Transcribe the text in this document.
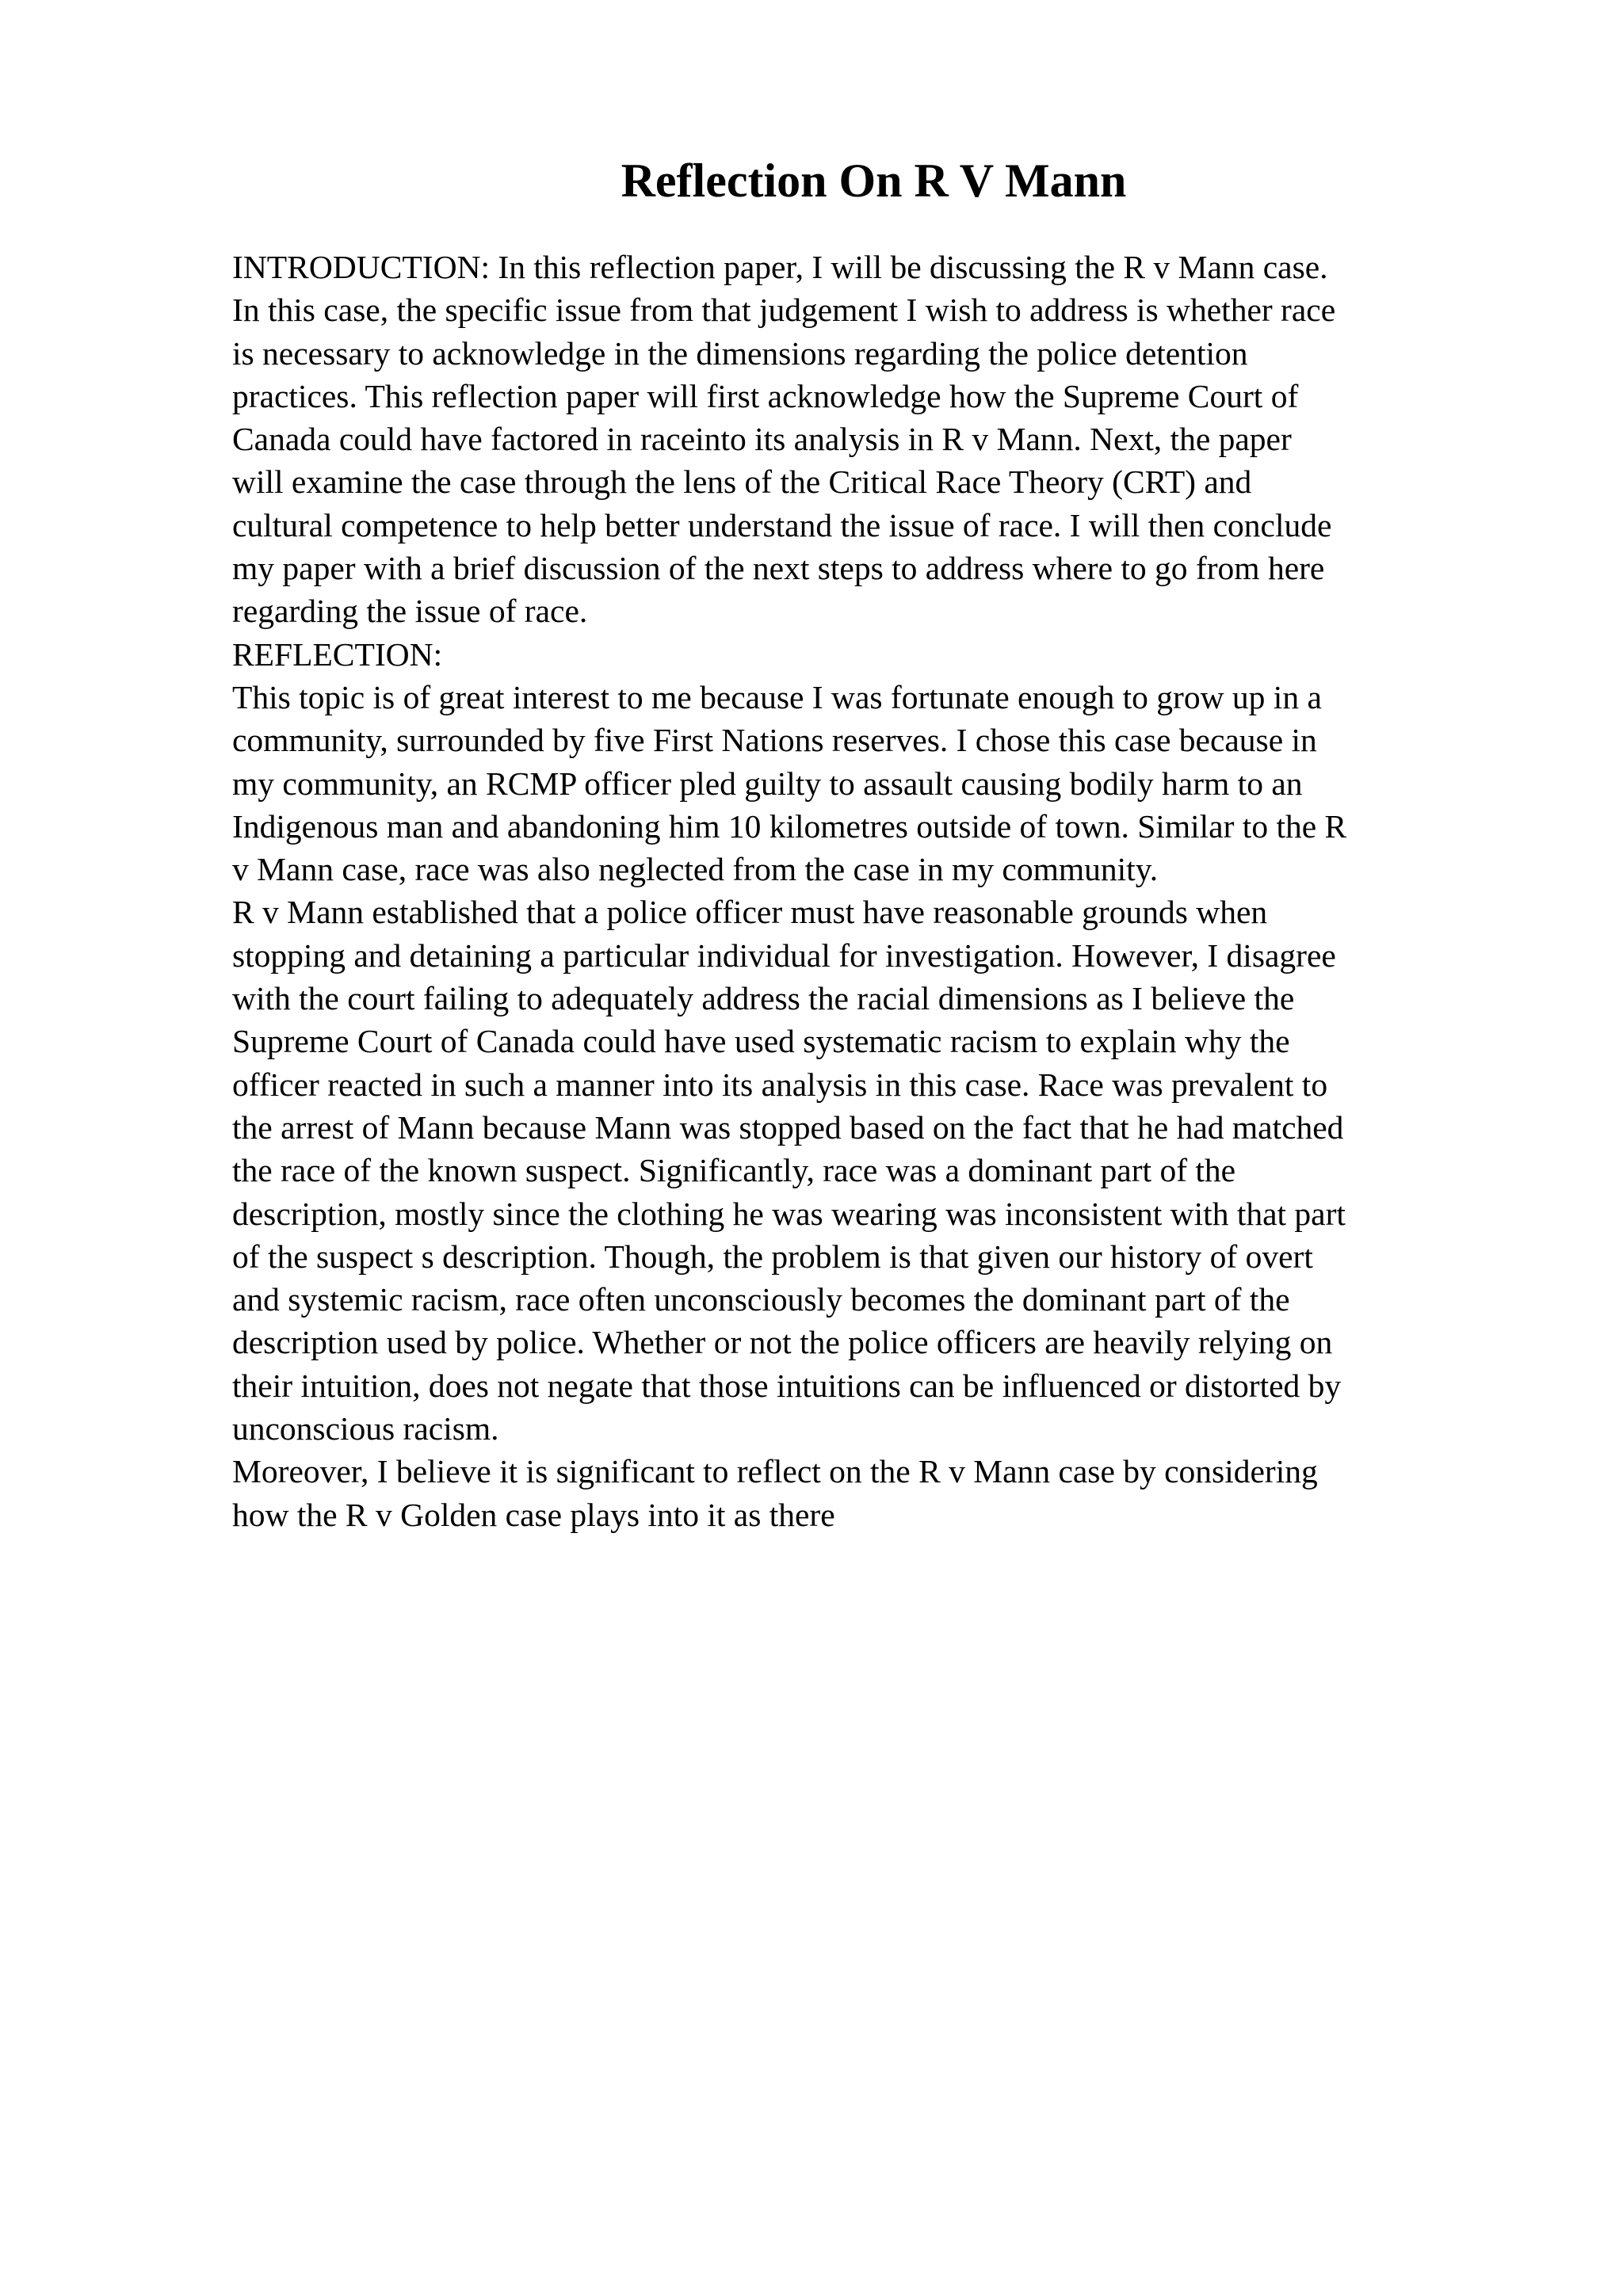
Reflection On R V Mann
INTRODUCTION: In this reflection paper, I will be discussing the R v Mann case.
In this case, the specific issue from that judgement I wish to address is whether race
is necessary to acknowledge in the dimensions regarding the police detention
practices. This reflection paper will first acknowledge how the Supreme Court of
Canada could have factored in raceinto its analysis in R v Mann. Next, the paper
will examine the case through the lens of the Critical Race Theory (CRT) and
cultural competence to help better understand the issue of race. I will then conclude
my paper with a brief discussion of the next steps to address where to go from here
regarding the issue of race.
REFLECTION:
This topic is of great interest to me because I was fortunate enough to grow up in a
community, surrounded by five First Nations reserves. I chose this case because in
my community, an RCMP officer pled guilty to assault causing bodily harm to an
Indigenous man and abandoning him 10 kilometres outside of town. Similar to the R
v Mann case, race was also neglected from the case in my community.
R v Mann established that a police officer must have reasonable grounds when
stopping and detaining a particular individual for investigation. However, I disagree
with the court failing to adequately address the racial dimensions as I believe the
Supreme Court of Canada could have used systematic racism to explain why the
officer reacted in such a manner into its analysis in this case. Race was prevalent to
the arrest of Mann because Mann was stopped based on the fact that he had matched
the race of the known suspect. Significantly, race was a dominant part of the
description, mostly since the clothing he was wearing was inconsistent with that part
of the suspect s description. Though, the problem is that given our history of overt
and systemic racism, race often unconsciously becomes the dominant part of the
description used by police. Whether or not the police officers are heavily relying on
their intuition, does not negate that those intuitions can be influenced or distorted by
unconscious racism.
Moreover, I believe it is significant to reflect on the R v Mann case by considering
how the R v Golden case plays into it as there
